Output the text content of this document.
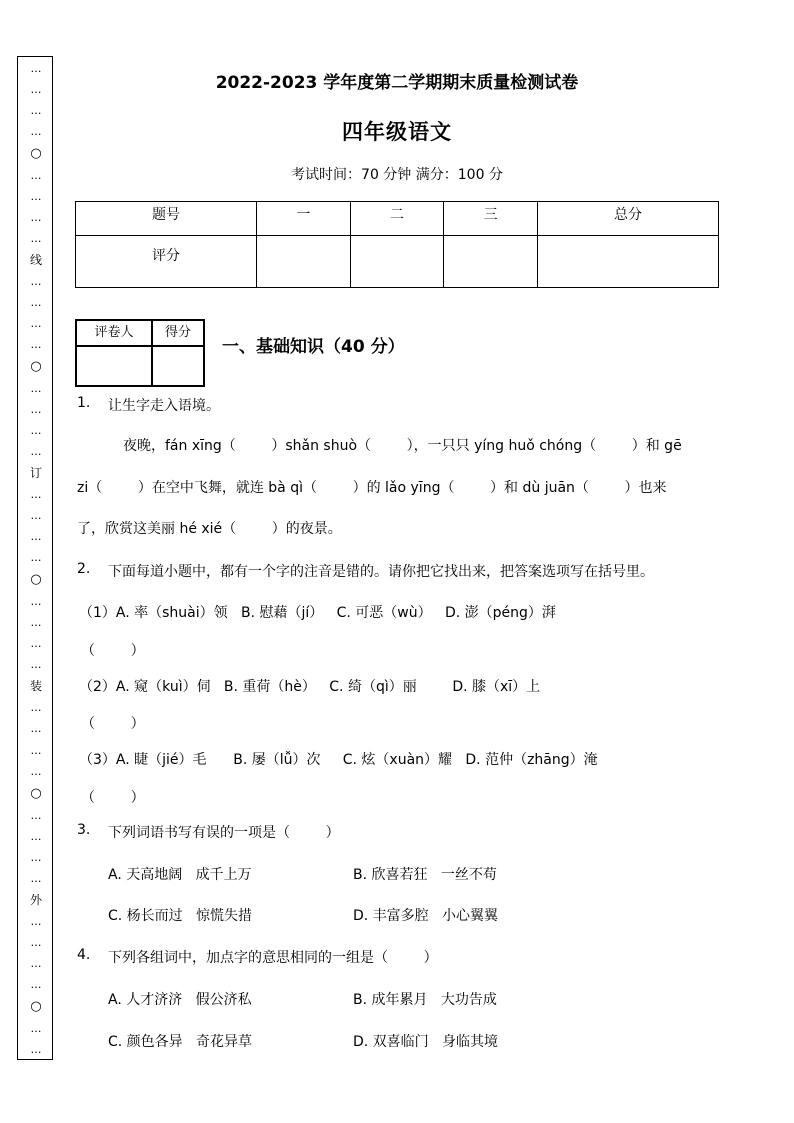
…
…
…
…
○
…
…
…
…
线
…
…
…
…
○
…
…
…
…
订
…
…
…
…
○
…
…
…
…
装
…
…
…
…
○
…
…
…
…
外
…
…
…
…
○
…
…
2022-2023 学年度第二学期期末质量检测试卷
四年级语文
考试时间：70 分钟 满分：100 分
题号	一	二	三	总分
评分				
评卷人	得分

一、基础知识（40 分）
1. 让生字走入语境。
夜晚，fán xīng（        ）shǎn shuò（        ），一只只 yíng huǒ chóng（        ）和 gē
zi（        ）在空中飞舞，就连 bà qì（        ）的 lǎo yīng（        ）和 dù juān（        ）也来
了，欣赏这美丽 hé xié（        ）的夜景。
2. 下面每道小题中，都有一个字的注音是错的。请你把它找出来，把答案选项写在括号里。
（1）A. 率（shuài）领   B. 慰藉（jí）   C. 可恶（wù）   D. 澎（péng）湃
（        ）
（2）A. 窥（kuì）伺   B. 重荷（hè）   C. 绮（qì）丽        D. 膝（xī）上
（        ）
（3）A. 睫（jié）毛      B. 屡（lǚ）次     C. 炫（xuàn）耀   D. 范仲（zhāng）淹
（        ）
3. 下列词语书写有误的一项是（        ）
A. 天高地阔   成千上万	B. 欣喜若狂   一丝不苟
C. 杨长而过   惊慌失措	D. 丰富多腔   小心翼翼
4. 下列各组词中，加点字的意思相同的一组是（        ）
A. 人才济济   假公济私	B. 成年累月   大功告成
C. 颜色各异   奇花异草	D. 双喜临门   身临其境
